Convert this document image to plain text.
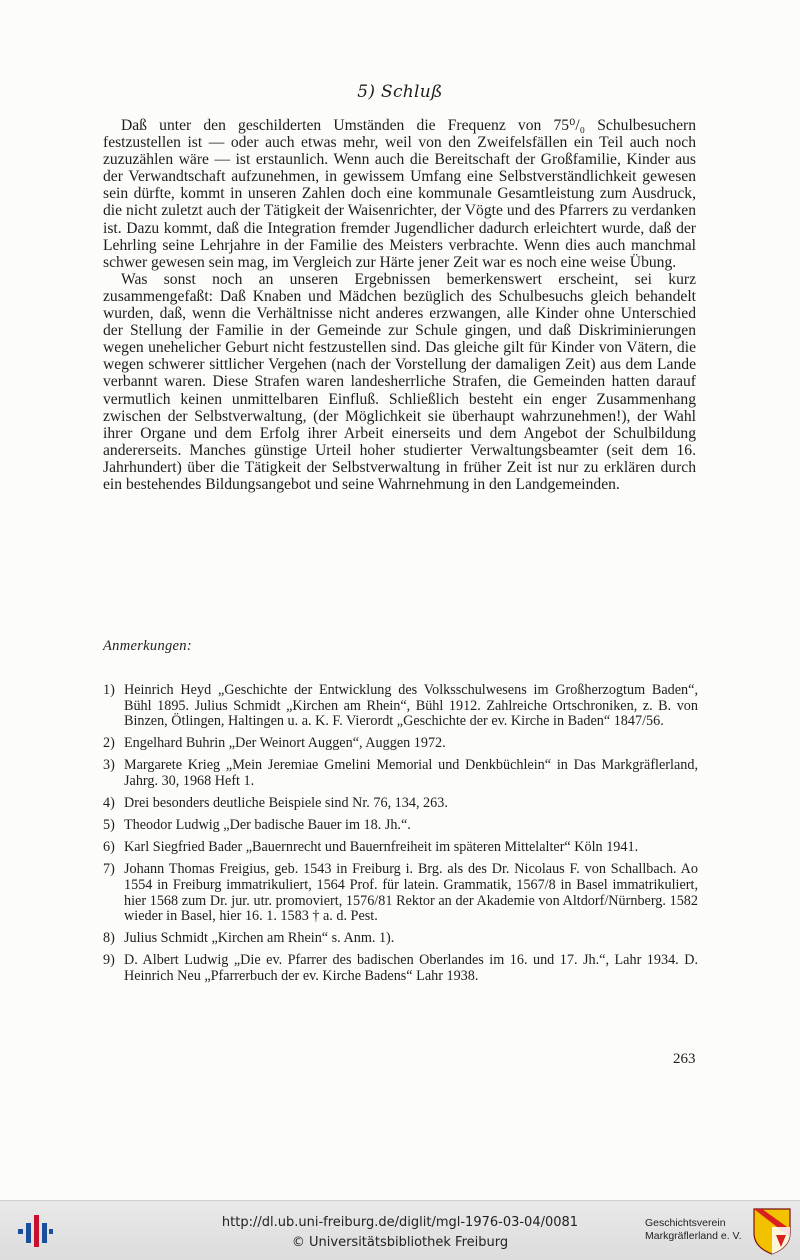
5) Schluß

Daß unter den geschilderten Umständen die Frequenz von 75⁰/₀ Schulbesuchern festzustellen ist — oder auch etwas mehr, weil von den Zweifelsfällen ein Teil auch noch zuzuzählen wäre — ist erstaunlich. Wenn auch die Bereitschaft der Großfamilie, Kinder aus der Verwandtschaft aufzunehmen, in gewissem Umfang eine Selbstverständlichkeit gewesen sein dürfte, kommt in unseren Zahlen doch eine kommunale Gesamtleistung zum Ausdruck, die nicht zuletzt auch der Tätigkeit der Waisenrichter, der Vögte und des Pfarrers zu verdanken ist. Dazu kommt, daß die Integration fremder Jugendlicher dadurch erleichtert wurde, daß der Lehrling seine Lehrjahre in der Familie des Meisters verbrachte. Wenn dies auch manchmal schwer gewesen sein mag, im Vergleich zur Härte jener Zeit war es noch eine weise Übung.

Was sonst noch an unseren Ergebnissen bemerkenswert erscheint, sei kurz zusammengefaßt: Daß Knaben und Mädchen bezüglich des Schulbesuchs gleich behandelt wurden, daß, wenn die Verhältnisse nicht anderes erzwangen, alle Kinder ohne Unterschied der Stellung der Familie in der Gemeinde zur Schule gingen, und daß Diskriminierungen wegen unehelicher Geburt nicht festzustellen sind. Das gleiche gilt für Kinder von Vätern, die wegen schwerer sittlicher Vergehen (nach der Vorstellung der damaligen Zeit) aus dem Lande verbannt waren. Diese Strafen waren landesherrliche Strafen, die Gemeinden hatten darauf vermutlich keinen unmittelbaren Einfluß. Schließlich besteht ein enger Zusammenhang zwischen der Selbstverwaltung, (der Möglichkeit sie überhaupt wahrzunehmen!), der Wahl ihrer Organe und dem Erfolg ihrer Arbeit einerseits und dem Angebot der Schulbildung andererseits. Manches günstige Urteil hoher studierter Verwaltungsbeamter (seit dem 16. Jahrhundert) über die Tätigkeit der Selbstverwaltung in früher Zeit ist nur zu erklären durch ein bestehendes Bildungsangebot und seine Wahrnehmung in den Landgemeinden.

Anmerkungen:
1) Heinrich Heyd „Geschichte der Entwicklung des Volksschulwesens im Großherzogtum Baden“, Bühl 1895. Julius Schmidt „Kirchen am Rhein“, Bühl 1912. Zahlreiche Ortschroniken, z. B. von Binzen, Ötlingen, Haltingen u. a. K. F. Vierordt „Geschichte der ev. Kirche in Baden“ 1847/56.
2) Engelhard Buhrin „Der Weinort Auggen“, Auggen 1972.
3) Margarete Krieg „Mein Jeremiae Gmelini Memorial und Denkbüchlein“ in Das Markgräflerland, Jahrg. 30, 1968 Heft 1.
4) Drei besonders deutliche Beispiele sind Nr. 76, 134, 263.
5) Theodor Ludwig „Der badische Bauer im 18. Jh.“.
6) Karl Siegfried Bader „Bauernrecht und Bauernfreiheit im späteren Mittelalter“ Köln 1941.
7) Johann Thomas Freigius, geb. 1543 in Freiburg i. Brg. als des Dr. Nicolaus F. von Schallbach. Ao 1554 in Freiburg immatrikuliert, 1564 Prof. für latein. Grammatik, 1567/8 in Basel immatrikuliert, hier 1568 zum Dr. jur. utr. promoviert, 1576/81 Rektor an der Akademie von Altdorf/Nürnberg. 1582 wieder in Basel, hier 16. 1. 1583 † a. d. Pest.
8) Julius Schmidt „Kirchen am Rhein“ s. Anm. 1).
9) D. Albert Ludwig „Die ev. Pfarrer des badischen Oberlandes im 16. und 17. Jh.“, Lahr 1934. D. Heinrich Neu „Pfarrerbuch der ev. Kirche Badens“ Lahr 1938.
263
http://dl.ub.uni-freiburg.de/diglit/mgl-1976-03-04/0081
© Universitätsbibliothek Freiburg
Geschichtsverein
Markgräflerland e. V.
